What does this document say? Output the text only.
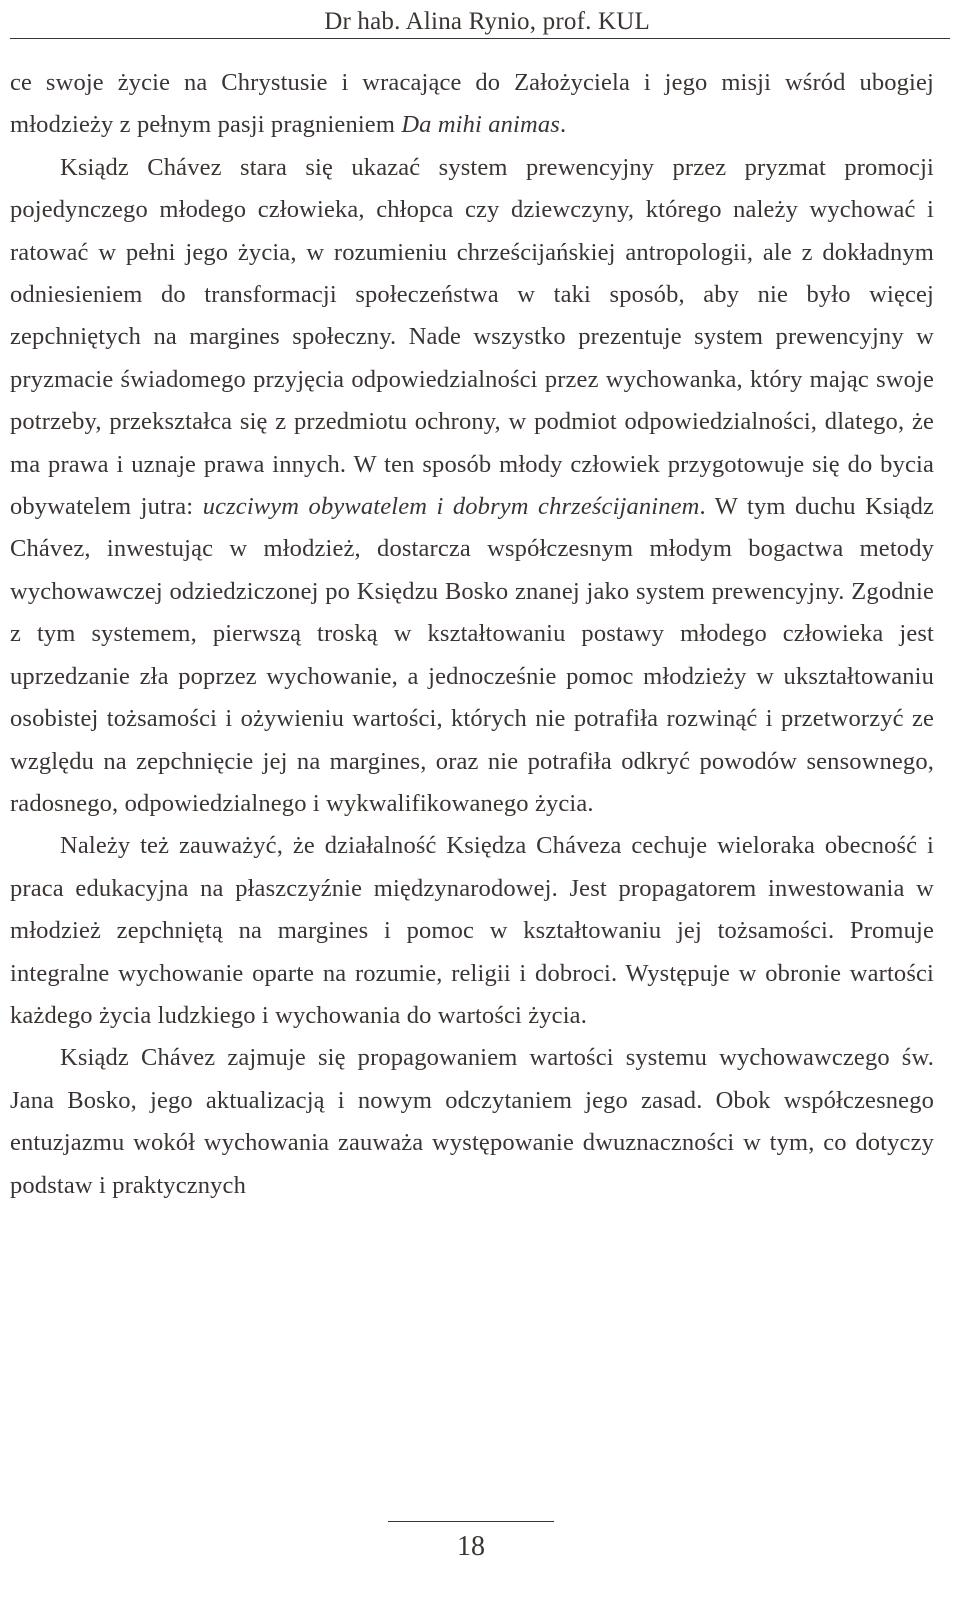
Dr hab. Alina Rynio, prof. KUL

ce swoje życie na Chrystusie i wracające do Założyciela i jego misji wśród ubogiej młodzieży z pełnym pasji pragnieniem Da mihi animas.

Ksiądz Chávez stara się ukazać system prewencyjny przez pryzmat promocji pojedynczego młodego człowieka, chłopca czy dziewczyny, którego należy wychować i ratować w pełni jego życia, w rozumieniu chrześcijańskiej antropologii, ale z dokładnym odniesieniem do transformacji społeczeństwa w taki sposób, aby nie było więcej zepchniętych na margines społeczny. Nade wszystko prezentuje system prewencyjny w pryzmacie świadomego przyjęcia odpowiedzialności przez wychowanka, który mając swoje potrzeby, przekształca się z przedmiotu ochrony, w podmiot odpowiedzialności, dlatego, że ma prawa i uznaje prawa innych. W ten sposób młody człowiek przygotowuje się do bycia obywatelem jutra: uczciwym obywatelem i dobrym chrześcijaninem. W tym duchu Ksiądz Chávez, inwestując w młodzież, dostarcza współczesnym młodym bogactwa metody wychowawczej odziedziczonej po Księdzu Bosko znanej jako system prewencyjny. Zgodnie z tym systemem, pierwszą troską w kształtowaniu postawy młodego człowieka jest uprzedzanie zła poprzez wychowanie, a jednocześnie pomoc młodzieży w ukształtowaniu osobistej tożsamości i ożywieniu wartości, których nie potrafiła rozwinąć i przetworzyć ze względu na zepchnięcie jej na margines, oraz nie potrafiła odkryć powodów sensownego, radosnego, odpowiedzialnego i wykwalifikowanego życia.

Należy też zauważyć, że działalność Księdza Cháveza cechuje wieloraka obecność i praca edukacyjna na płaszczyźnie międzynarodowej. Jest propagatorem inwestowania w młodzież zepchniętą na margines i pomoc w kształtowaniu jej tożsamości. Promuje integralne wychowanie oparte na rozumie, religii i dobroci. Występuje w obronie wartości każdego życia ludzkiego i wychowania do wartości życia.

Ksiądz Chávez zajmuje się propagowaniem wartości systemu wychowawczego św. Jana Bosko, jego aktualizacją i nowym odczytaniem jego zasad. Obok współczesnego entuzjazmu wokół wychowania zauważa występowanie dwuznaczności w tym, co dotyczy podstaw i praktycznych

18
